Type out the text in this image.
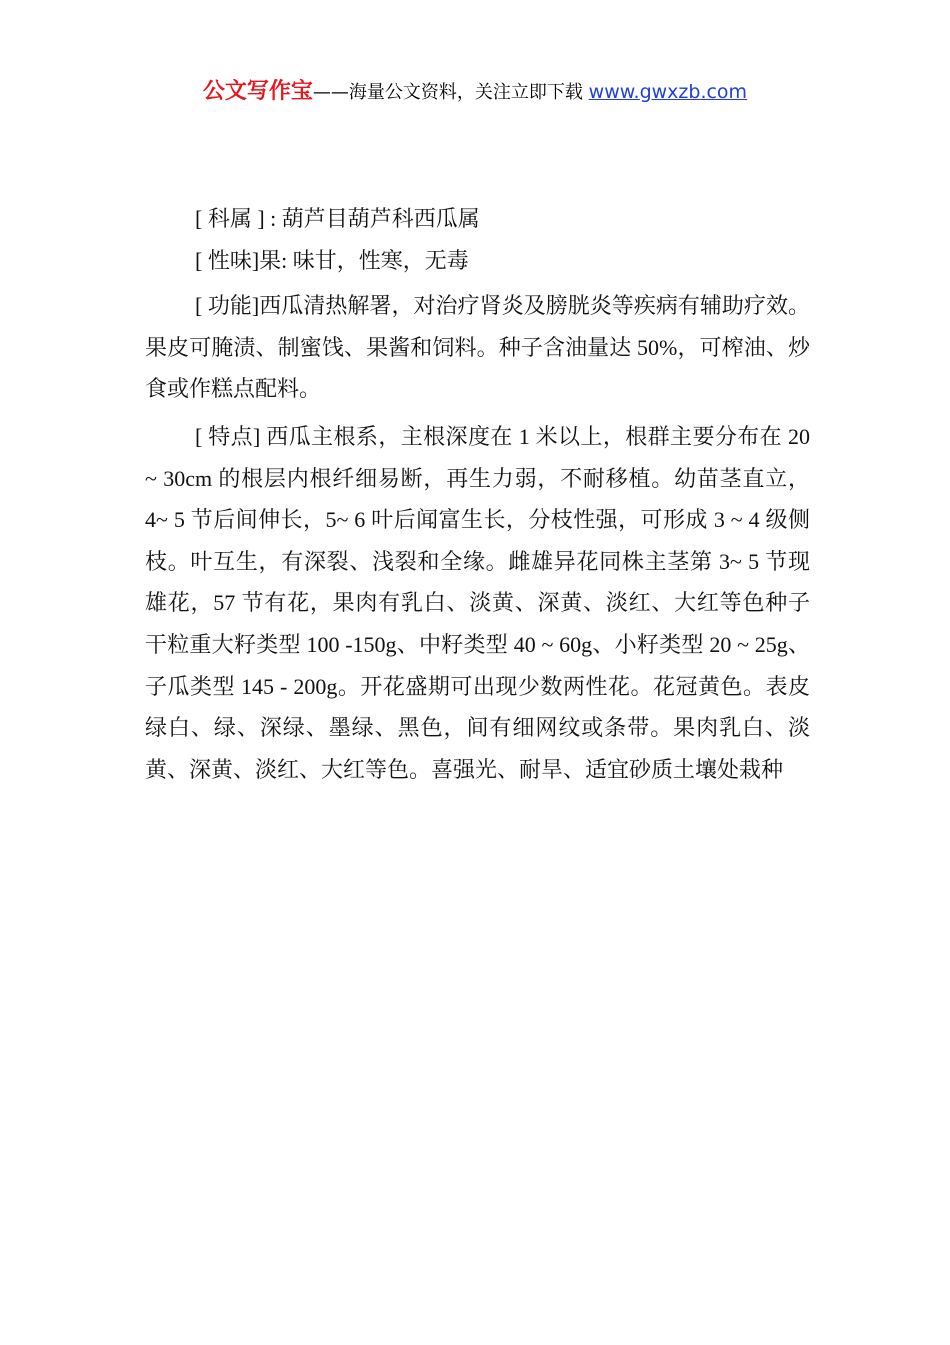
公文写作宝——海量公文资料，关注立即下载 www.gwxzb.com

[ 科属 ] : 葫芦目葫芦科西瓜属

[ 性味]果: 味甘，性寒，无毒

[ 功能]西瓜清热解署，对治疗肾炎及膀胱炎等疾病有辅助疗效。果皮可腌渍、制蜜饯、果酱和饲料。种子含油量达 50%，可榨油、炒食或作糕点配料。

[ 特点] 西瓜主根系，主根深度在 1 米以上，根群主要分布在 20 ~ 30cm 的根层内根纤细易断，再生力弱，不耐移植。幼苗茎直立，4~ 5 节后间伸长，5~ 6 叶后闻富生长，分枝性强，可形成 3 ~ 4 级侧枝。叶互生，有深裂、浅裂和全缘。雌雄异花同株主茎第 3~ 5 节现雄花，57 节有花，果肉有乳白、淡黄、深黄、淡红、大红等色种子干粒重大籽类型 100 -150g、中籽类型 40 ~ 60g、小籽类型 20 ~ 25g、子瓜类型 145 - 200g。开花盛期可出现少数两性花。花冠黄色。表皮绿白、绿、深绿、墨绿、黑色，间有细网纹或条带。果肉乳白、淡黄、深黄、淡红、大红等色。喜强光、耐旱、适宜砂质土壤处栽种
